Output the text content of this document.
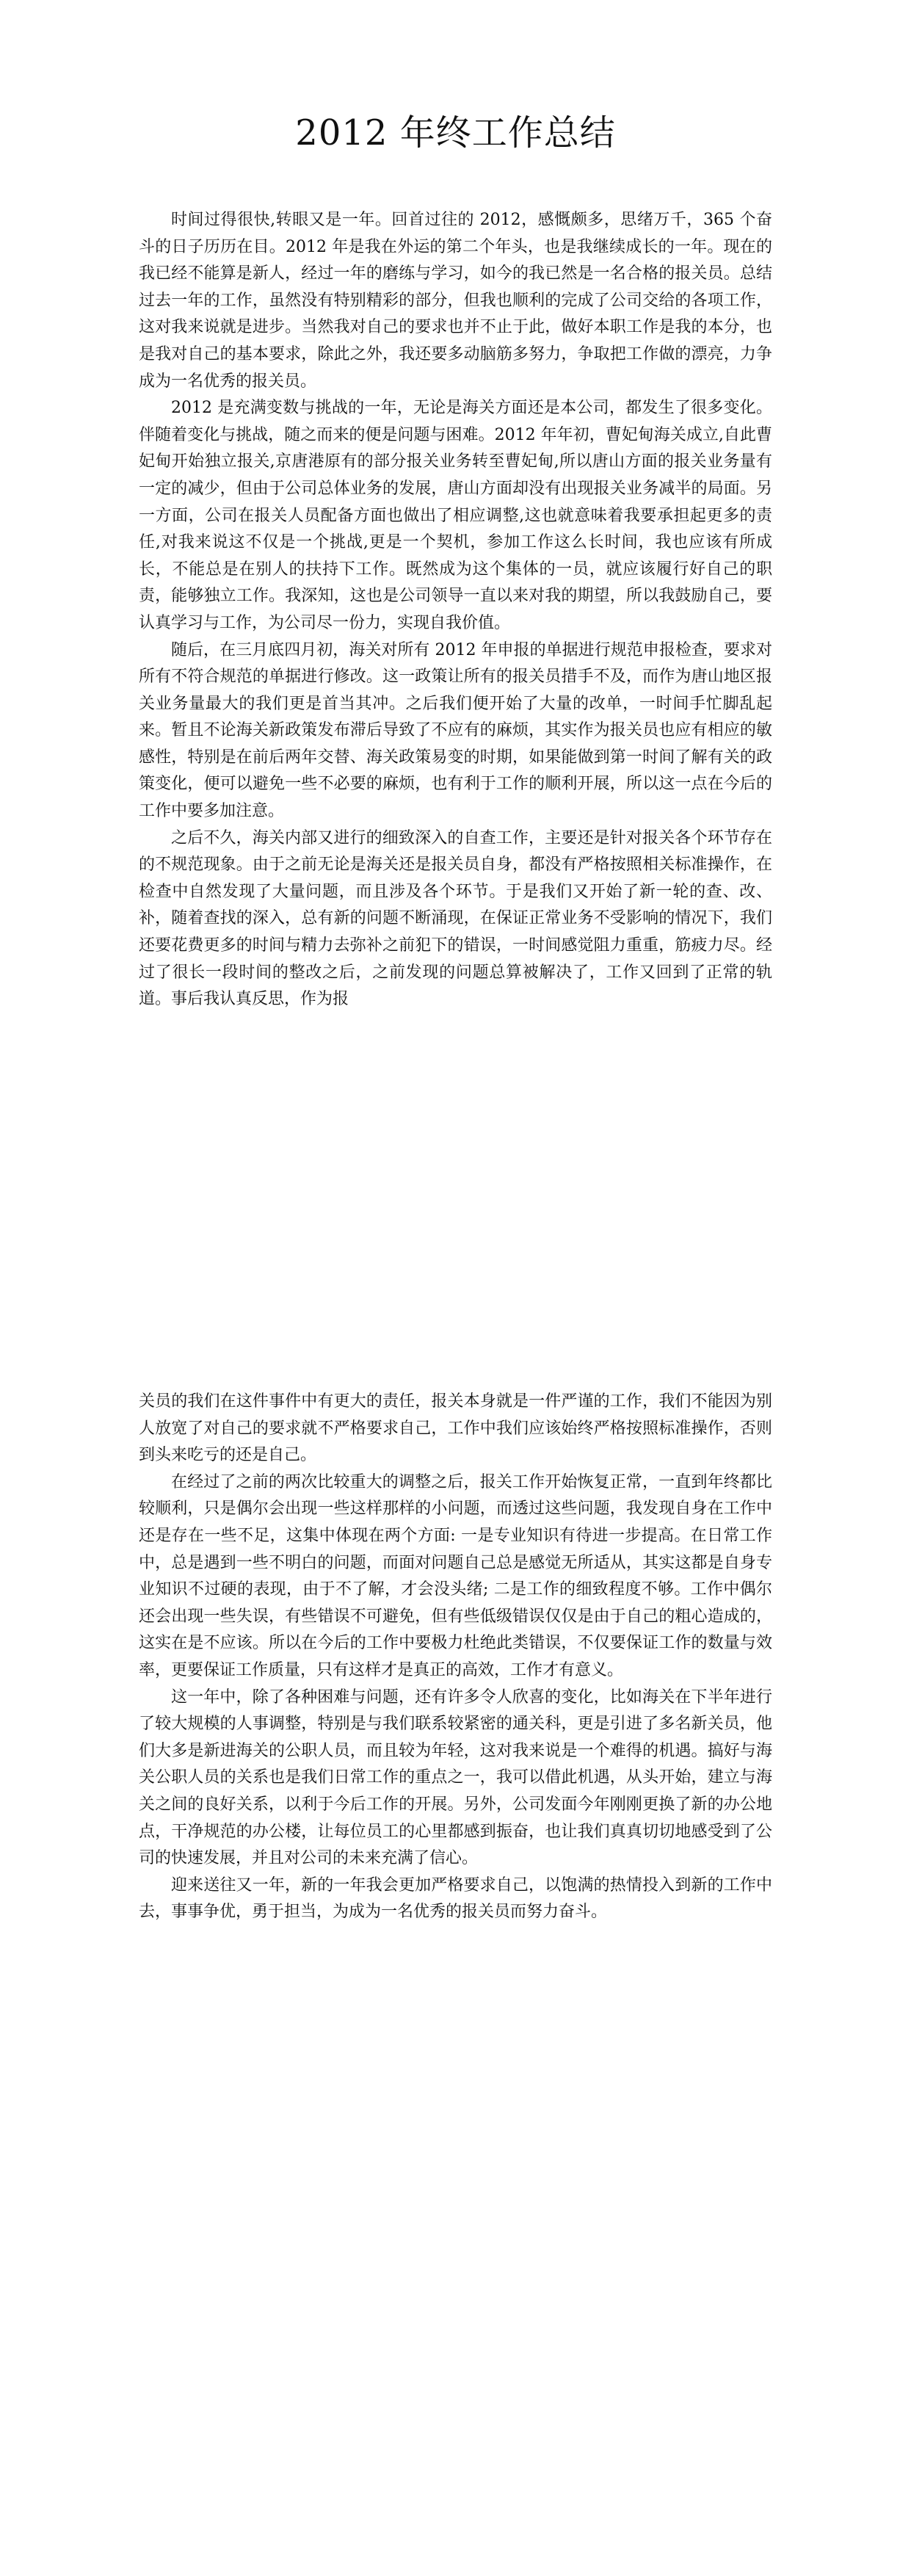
2012 年终工作总结

时间过得很快,转眼又是一年。回首过往的 2012，感慨颇多，思绪万千，365 个奋斗的日子历历在目。2012 年是我在外运的第二个年头，也是我继续成长的一年。现在的我已经不能算是新人，经过一年的磨练与学习，如今的我已然是一名合格的报关员。总结过去一年的工作，虽然没有特别精彩的部分，但我也顺利的完成了公司交给的各项工作，这对我来说就是进步。当然我对自己的要求也并不止于此，做好本职工作是我的本分，也是我对自己的基本要求，除此之外，我还要多动脑筋多努力，争取把工作做的漂亮，力争成为一名优秀的报关员。

2012 是充满变数与挑战的一年，无论是海关方面还是本公司，都发生了很多变化。伴随着变化与挑战，随之而来的便是问题与困难。2012 年年初，曹妃甸海关成立,自此曹妃甸开始独立报关,京唐港原有的部分报关业务转至曹妃甸,所以唐山方面的报关业务量有一定的减少，但由于公司总体业务的发展，唐山方面却没有出现报关业务减半的局面。另一方面，公司在报关人员配备方面也做出了相应调整,这也就意味着我要承担起更多的责任,对我来说这不仅是一个挑战,更是一个契机，参加工作这么长时间，我也应该有所成长，不能总是在别人的扶持下工作。既然成为这个集体的一员，就应该履行好自己的职责，能够独立工作。我深知，这也是公司领导一直以来对我的期望，所以我鼓励自己，要认真学习与工作，为公司尽一份力，实现自我价值。

随后，在三月底四月初，海关对所有 2012 年申报的单据进行规范申报检查，要求对所有不符合规范的单据进行修改。这一政策让所有的报关员措手不及，而作为唐山地区报关业务量最大的我们更是首当其冲。之后我们便开始了大量的改单，一时间手忙脚乱起来。暂且不论海关新政策发布滞后导致了不应有的麻烦，其实作为报关员也应有相应的敏感性，特别是在前后两年交替、海关政策易变的时期，如果能做到第一时间了解有关的政策变化，便可以避免一些不必要的麻烦，也有利于工作的顺利开展，所以这一点在今后的工作中要多加注意。

之后不久，海关内部又进行的细致深入的自查工作，主要还是针对报关各个环节存在的不规范现象。由于之前无论是海关还是报关员自身，都没有严格按照相关标准操作，在检查中自然发现了大量问题，而且涉及各个环节。于是我们又开始了新一轮的查、改、补，随着查找的深入，总有新的问题不断涌现，在保证正常业务不受影响的情况下，我们还要花费更多的时间与精力去弥补之前犯下的错误，一时间感觉阻力重重，筋疲力尽。经过了很长一段时间的整改之后，之前发现的问题总算被解决了，工作又回到了正常的轨道。事后我认真反思，作为报

关员的我们在这件事件中有更大的责任，报关本身就是一件严谨的工作，我们不能因为别人放宽了对自己的要求就不严格要求自己，工作中我们应该始终严格按照标准操作，否则到头来吃亏的还是自己。

在经过了之前的两次比较重大的调整之后，报关工作开始恢复正常，一直到年终都比较顺利，只是偶尔会出现一些这样那样的小问题，而透过这些问题，我发现自身在工作中还是存在一些不足，这集中体现在两个方面: 一是专业知识有待进一步提高。在日常工作中，总是遇到一些不明白的问题，而面对问题自己总是感觉无所适从，其实这都是自身专业知识不过硬的表现，由于不了解，才会没头绪; 二是工作的细致程度不够。工作中偶尔还会出现一些失误，有些错误不可避免，但有些低级错误仅仅是由于自己的粗心造成的，这实在是不应该。所以在今后的工作中要极力杜绝此类错误，不仅要保证工作的数量与效率，更要保证工作质量，只有这样才是真正的高效，工作才有意义。

这一年中，除了各种困难与问题，还有许多令人欣喜的变化，比如海关在下半年进行了较大规模的人事调整，特别是与我们联系较紧密的通关科，更是引进了多名新关员，他们大多是新进海关的公职人员，而且较为年轻，这对我来说是一个难得的机遇。搞好与海关公职人员的关系也是我们日常工作的重点之一，我可以借此机遇，从头开始，建立与海关之间的良好关系，以利于今后工作的开展。另外，公司发面今年刚刚更换了新的办公地点，干净规范的办公楼，让每位员工的心里都感到振奋，也让我们真真切切地感受到了公司的快速发展，并且对公司的未来充满了信心。

迎来送往又一年，新的一年我会更加严格要求自己，以饱满的热情投入到新的工作中去，事事争优，勇于担当，为成为一名优秀的报关员而努力奋斗。
